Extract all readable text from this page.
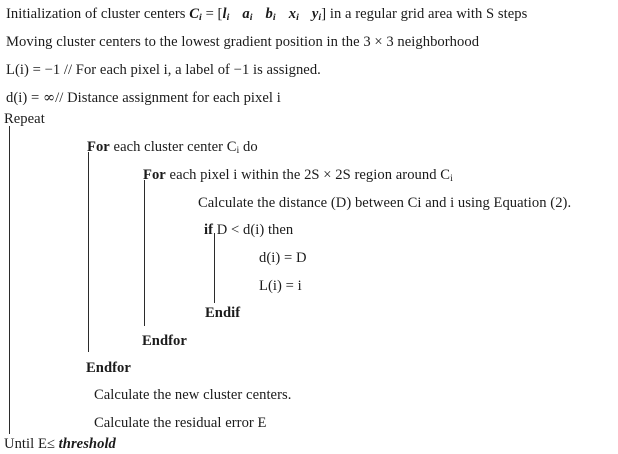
Initialization of cluster centers $C_i = [l_i$ $a_i$ $b_i$ $x_i$ $y_i$] in a regular grid area with S steps
Moving cluster centers to the lowest gradient position in the 3 × 3 neighborhood
L(i) = −1 // For each pixel i, a label of −1 is assigned.
d(i) = ∞// Distance assignment for each pixel i
Repeat
For each cluster center $C_i$ do
For each pixel i within the 2S × 2S region around $C_i$
Calculate the distance (D) between Ci and i using Equation (2).
if D < d(i) then
d(i) = D
L(i) = i
Endif
Endfor
Endfor
Calculate the new cluster centers.
Calculate the residual error E
Until E≤ threshold
